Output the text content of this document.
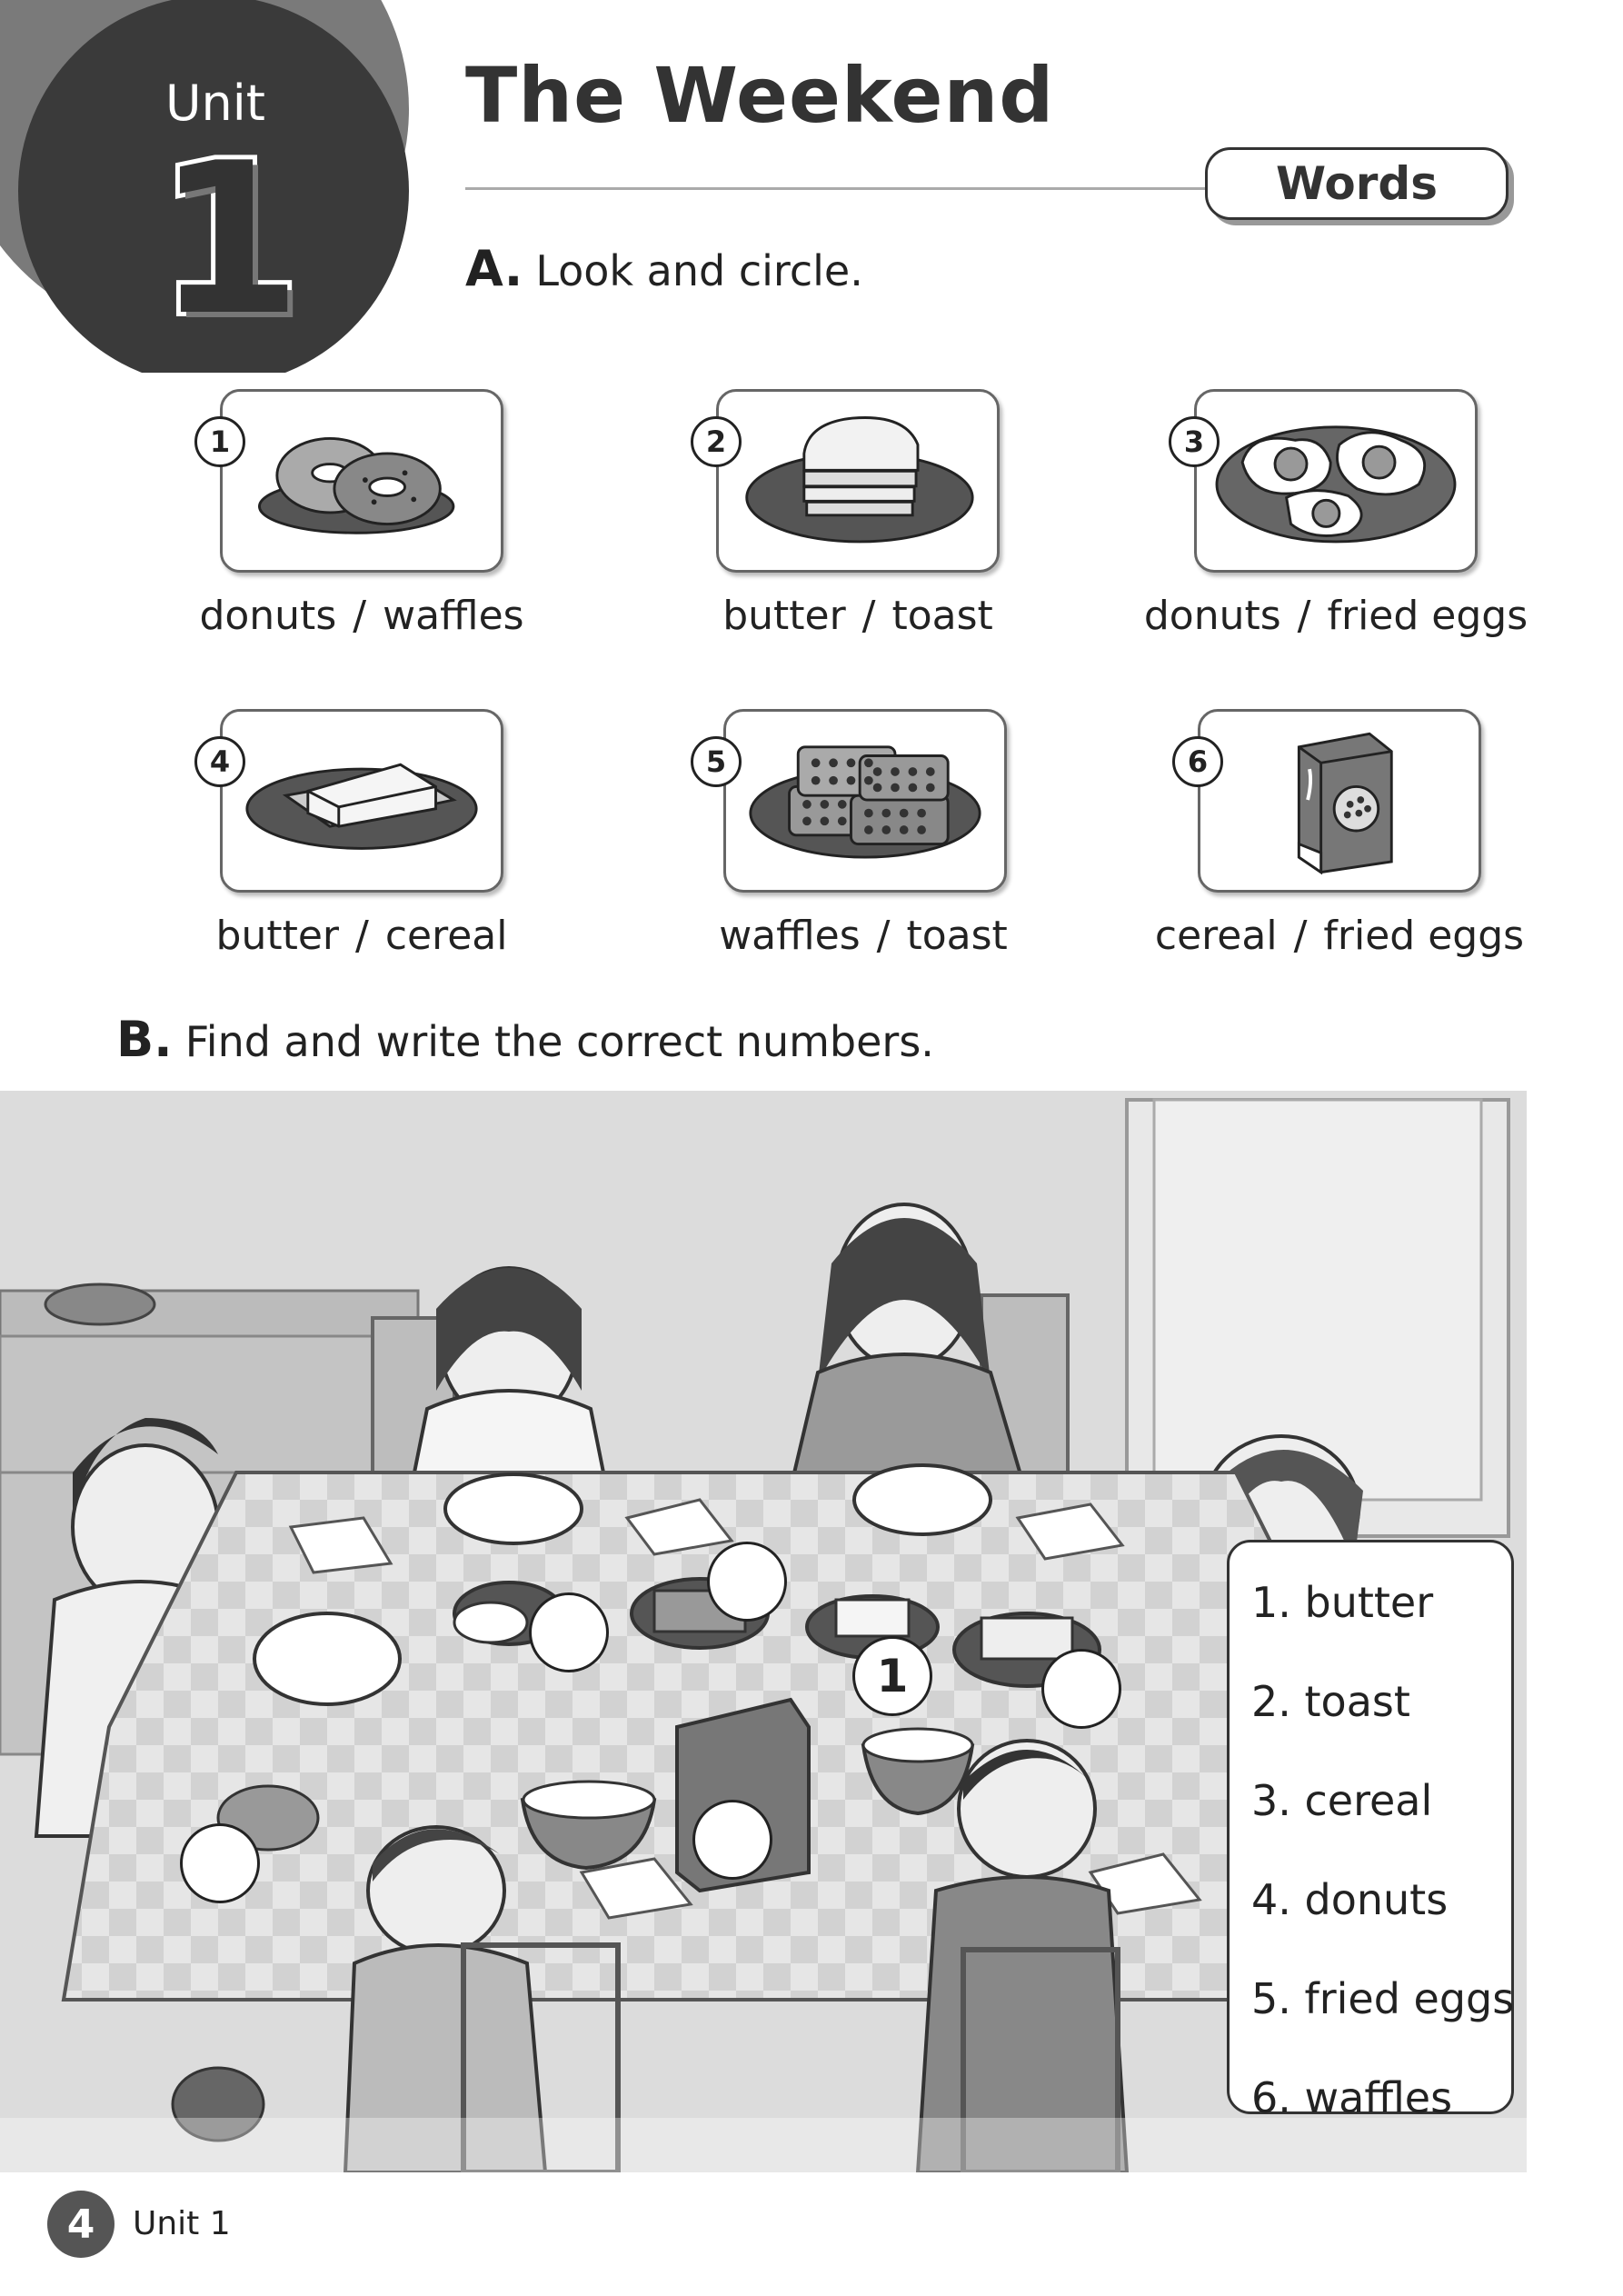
Unit
1
The Weekend
Words
A. Look and circle.
1
donuts / waffles
2
butter / toast
3
donuts / fried eggs
4
butter / cereal
5
waffles / toast
6
cereal / fried eggs
B. Find and write the correct numbers.
1
1. butter
2. toast
3. cereal
4. donuts
5. fried eggs
6. waffles
4	Unit 1
